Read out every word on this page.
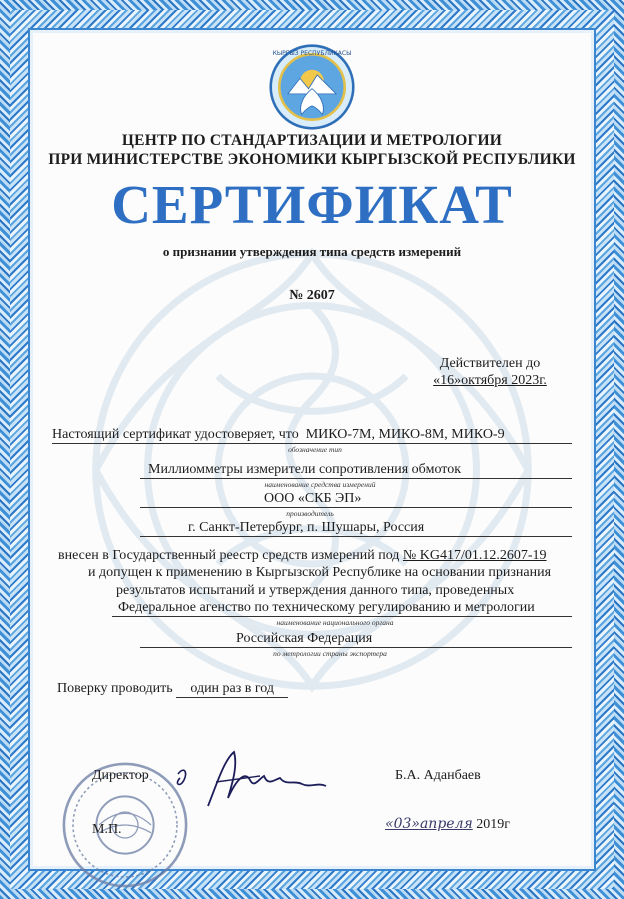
КЫРГЫЗ РЕСПУБЛИКАСЫ
ЦЕНТР ПО СТАНДАРТИЗАЦИИ И МЕТРОЛОГИИ
ПРИ МИНИСТЕРСТВЕ ЭКОНОМИКИ КЫРГЫЗСКОЙ РЕСПУБЛИКИ
СЕРТИФИКАТ
о признании утверждения типа средств измерений
№ 2607
Действителен до
«16»октября 2023г.
Настоящий сертификат удостоверяет, что МИКО-7М, МИКО-8М, МИКО-9
обозначение тип
Миллиомметры измерители сопротивления обмоток
наименование средства измерений
ООО «СКБ ЭП»
производитель
г. Санкт-Петербург, п. Шушары, Россия
внесен в Государственный реестр средств измерений под № KG417/01.12.2607-19
и допущен к применению в Кыргызской Республике на основании признания
результатов испытаний и утверждения данного типа, проведенных
Федеральное агенство по техническому регулированию и метрологии
наименование национального органа
Российская Федерация
по метрологии страны экспортера
Поверку проводить один раз в год
Директор
М.П.
Б.А. Аданбаев
«03»апреля 2019г
